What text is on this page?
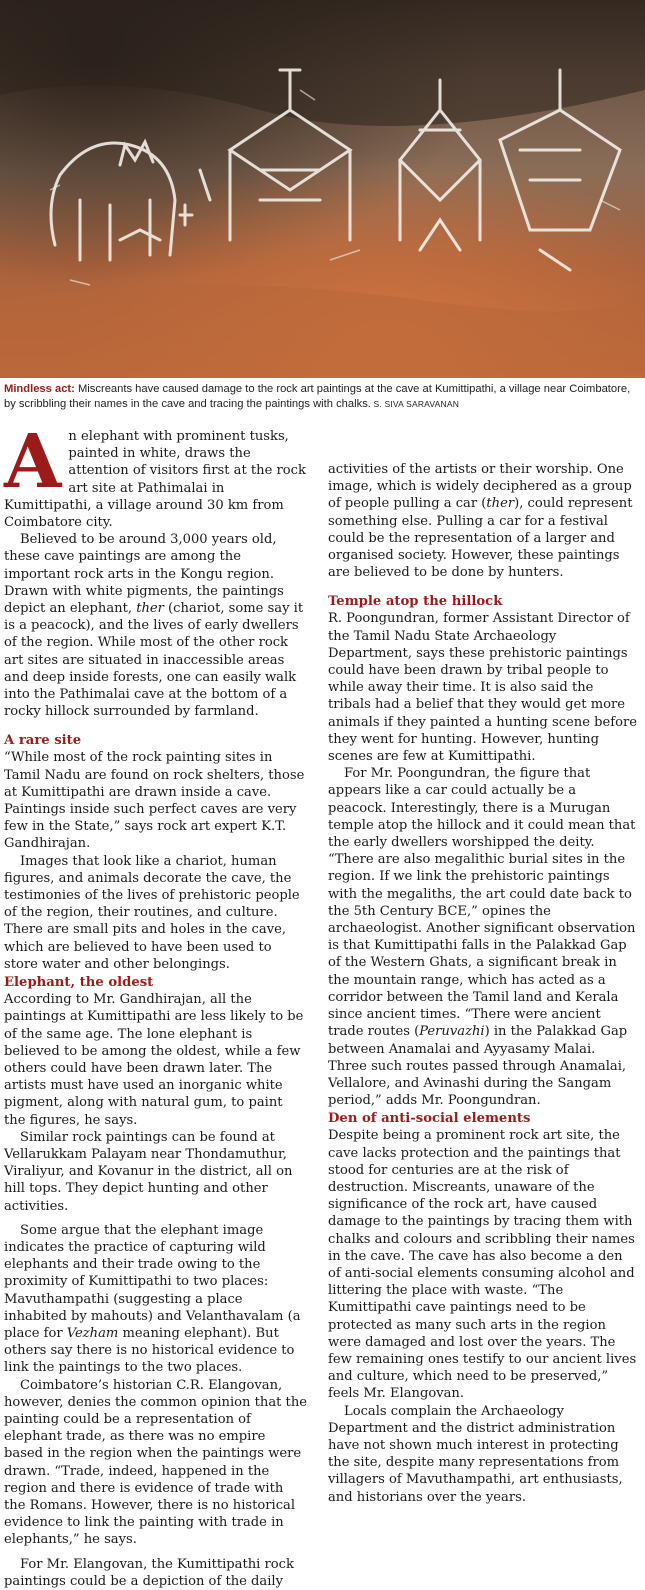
Mindless act: Miscreants have caused damage to the rock art paintings at the cave at Kumittipathi, a village near Coimbatore, by scribbling their names in the cave and tracing the paintings with chalks. S. SIVA SARAVANAN

An elephant with prominent tusks, painted in white, draws the attention of visitors first at the rock art site at Pathimalai in Kumittipathi, a village around 30 km from Coimbatore city.

Believed to be around 3,000 years old, these cave paintings are among the important rock arts in the Kongu region. Drawn with white pigments, the paintings depict an elephant, ther (chariot, some say it is a peacock), and the lives of early dwellers of the region. While most of the other rock art sites are situated in inaccessible areas and deep inside forests, one can easily walk into the Pathimalai cave at the bottom of a rocky hillock surrounded by farmland.

A rare site

“While most of the rock painting sites in Tamil Nadu are found on rock shelters, those at Kumittipathi are drawn inside a cave. Paintings inside such perfect caves are very few in the State,” says rock art expert K.T. Gandhirajan.

Images that look like a chariot, human figures, and animals decorate the cave, the testimonies of the lives of prehistoric people of the region, their routines, and culture. There are small pits and holes in the cave, which are believed to have been used to store water and other belongings.

Elephant, the oldest

According to Mr. Gandhirajan, all the paintings at Kumittipathi are less likely to be of the same age. The lone elephant is believed to be among the oldest, while a few others could have been drawn later. The artists must have used an inorganic white pigment, along with natural gum, to paint the figures, he says.

Similar rock paintings can be found at Vellarukkam Palayam near Thondamuthur, Viraliyur, and Kovanur in the district, all on hill tops. They depict hunting and other activities.

Some argue that the elephant image indicates the practice of capturing wild elephants and their trade owing to the proximity of Kumittipathi to two places: Mavuthampathi (suggesting a place inhabited by mahouts) and Velanthavalam (a place for Vezham meaning elephant). But others say there is no historical evidence to link the paintings to the two places.

Coimbatore’s historian C.R. Elangovan, however, denies the common opinion that the painting could be a representation of elephant trade, as there was no empire based in the region when the paintings were drawn. “Trade, indeed, happened in the region and there is evidence of trade with the Romans. However, there is no historical evidence to link the painting with trade in elephants,” he says.

For Mr. Elangovan, the Kumittipathi rock paintings could be a depiction of the daily

activities of the artists or their worship. One image, which is widely deciphered as a group of people pulling a car (ther), could represent something else. Pulling a car for a festival could be the representation of a larger and organised society. However, these paintings are believed to be done by hunters.

Temple atop the hillock

R. Poongundran, former Assistant Director of the Tamil Nadu State Archaeology Department, says these prehistoric paintings could have been drawn by tribal people to while away their time. It is also said the tribals had a belief that they would get more animals if they painted a hunting scene before they went for hunting. However, hunting scenes are few at Kumittipathi.

For Mr. Poongundran, the figure that appears like a car could actually be a peacock. Interestingly, there is a Murugan temple atop the hillock and it could mean that the early dwellers worshipped the deity. “There are also megalithic burial sites in the region. If we link the prehistoric paintings with the megaliths, the art could date back to the 5th Century BCE,” opines the archaeologist. Another significant observation is that Kumittipathi falls in the Palakkad Gap of the Western Ghats, a significant break in the mountain range, which has acted as a corridor between the Tamil land and Kerala since ancient times. “There were ancient trade routes (Peruvazhi) in the Palakkad Gap between Anamalai and Ayyasamy Malai. Three such routes passed through Anamalai, Vellalore, and Avinashi during the Sangam period,” adds Mr. Poongundran.

Den of anti-social elements

Despite being a prominent rock art site, the cave lacks protection and the paintings that stood for centuries are at the risk of destruction. Miscreants, unaware of the significance of the rock art, have caused damage to the paintings by tracing them with chalks and colours and scribbling their names in the cave. The cave has also become a den of anti-social elements consuming alcohol and littering the place with waste. “The Kumittipathi cave paintings need to be protected as many such arts in the region were damaged and lost over the years. The few remaining ones testify to our ancient lives and culture, which need to be preserved,” feels Mr. Elangovan.

Locals complain the Archaeology Department and the district administration have not shown much interest in protecting the site, despite many representations from villagers of Mavuthampathi, art enthusiasts, and historians over the years.
